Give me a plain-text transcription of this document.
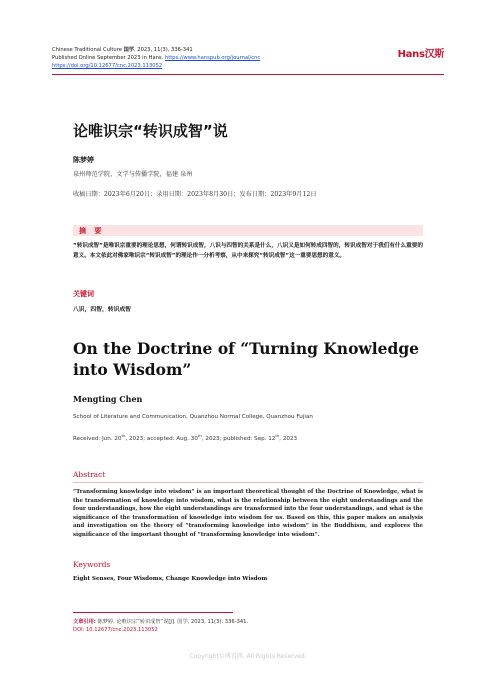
Chinese Traditional Culture 国学, 2023, 11(3), 336-341
Published Online September 2023 in Hans. https://www.hanspub.org/journal/cnc
https://doi.org/10.12677/cnc.2023.113052
Hans汉斯
论唯识宗“转识成智”说
陈梦婷
泉州师范学院，文学与传播学院，福建 泉州
收稿日期：2023年6月20日；录用日期：2023年8月30日；发布日期：2023年9月12日
摘 要
“转识成智”是唯识宗重要的理论思想，何谓转识成智，八识与四智的关系是什么，八识又是如何转成四智的，转识成智对于我们有什么重要的意义。本文依此对佛家唯识宗“转识成智”的理论作一分析考察，从中来探究“转识成智”这一重要思想的意义。
关键词
八识，四智，转识成智
On the Doctrine of “Turning Knowledge into Wisdom”
Mengting Chen
School of Literature and Communication, Quanzhou Normal College, Quanzhou Fujian
Received: Jun. 20th, 2023; accepted: Aug. 30th, 2023; published: Sep. 12th, 2023
Abstract
“Transforming knowledge into wisdom” is an important theoretical thought of the Doctrine of Knowledge, what is the transformation of knowledge into wisdom, what is the relationship between the eight understandings and the four understandings, how the eight understandings are transformed into the four understandings, and what is the significance of the transformation of knowledge into wisdom for us. Based on this, this paper makes an analysis and investigation on the theory of “transforming knowledge into wisdom” in the Buddhism, and explores the significance of the important thought of “transforming knowledge into wisdom”.
Keywords
Eight Senses, Four Wisdoms, Change Knowledge into Wisdom
文章引用: 陈梦婷. 论唯识宗“转识成智”说[J]. 国学, 2023, 11(3): 336-341.
DOI: 10.12677/cnc.2023.113052
Copyright©博看网. All Rights Reserved.
